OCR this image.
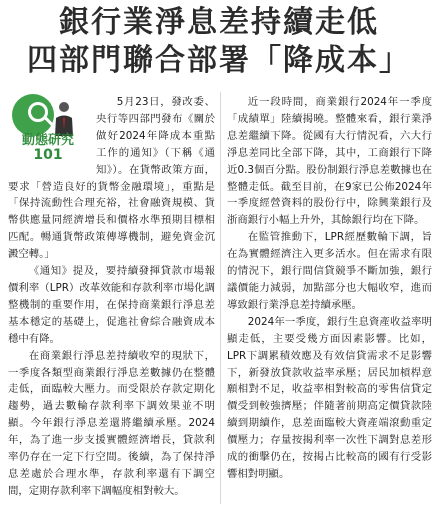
銀行業淨息差持續走低
四部門聯合部署「降成本」
動態研究
101

5月23日，發改委、央行等四部門發布《關於做好2024年降成本重點工作的通知》（下稱《通知》）。在貨幣政策方面，要求「營造良好的貨幣金融環境」，重點是「保持流動性合理充裕，社會融資規模、貨幣供應量同經濟增長和價格水準預期目標相匹配。暢通貨幣政策傳導機制，避免資金沉澱空轉。」

《通知》提及，要持續發揮貸款市場報價利率（LPR）改革效能和存款利率市場化調整機制的重要作用，在保持商業銀行淨息差基本穩定的基礎上，促進社會綜合融資成本穩中有降。

在商業銀行淨息差持續收窄的現狀下，一季度各類型商業銀行淨息差數據仍在整體走低，面臨較大壓力。而受限於存款定期化趨勢，過去數輪存款利率下調效果並不明顯。今年銀行淨息差還將繼續承壓。2024年，為了進一步支援實體經濟增長，貸款利率仍存在一定下行空間。後續，為了保持淨息差處於合理水準，存款利率還有下調空間，定期存款利率下調幅度相對較大。

近一段時間，商業銀行2024年一季度「成績單」陸續揭曉。整體來看，銀行業淨息差繼續下降。從國有大行情況看，六大行淨息差同比全部下降，其中，工商銀行下降近0.3個百分點。股份制銀行淨息差數據也在整體走低。截至目前，在9家已公佈2024年一季度經營資料的股份行中，除興業銀行及浙商銀行小幅上升外，其餘銀行均在下降。

在監管推動下，LPR經歷數輪下調，旨在為實體經濟注入更多活水。但在需求有限的情況下，銀行間信貸競爭不斷加強，銀行議價能力減弱，加點部分也大幅收窄，進而導致銀行業淨息差持續承壓。

2024年一季度，銀行生息資產收益率明顯走低，主要受幾方面因素影響。比如，LPR下調累積效應及有效信貸需求不足影響下，新發放貸款收益率承壓；居民加槓桿意願相對不足，收益率相對較高的零售信貸定價受到較強擠壓；伴隨著前期高定價貸款陸續到期續作，息差面臨較大資產端滾動重定價壓力；存量按揭利率一次性下調對息差形成的衝擊仍在，按揭占比較高的國有行受影響相對明顯。
